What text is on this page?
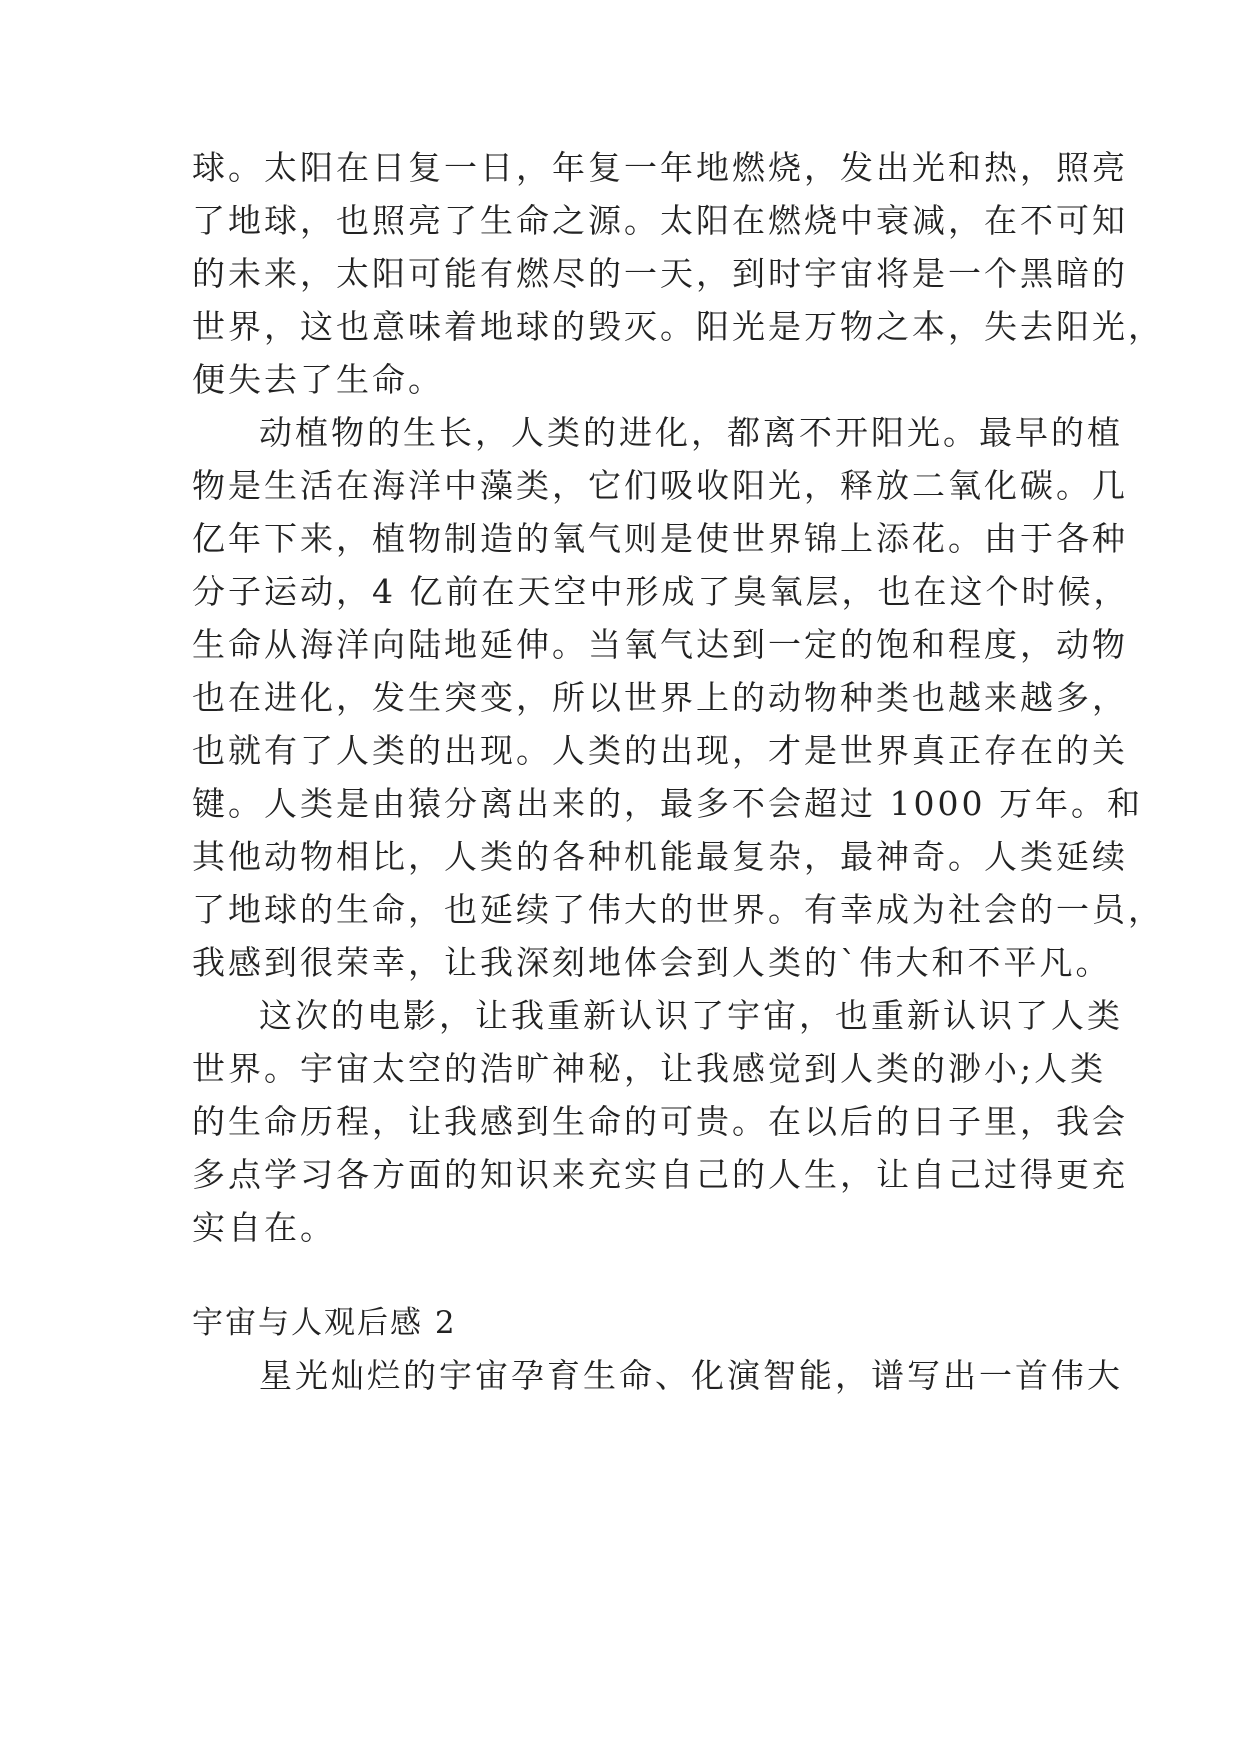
球。太阳在日复一日，年复一年地燃烧，发出光和热，照亮
了地球，也照亮了生命之源。太阳在燃烧中衰减，在不可知
的未来，太阳可能有燃尽的一天，到时宇宙将是一个黑暗的
世界，这也意味着地球的毁灭。阳光是万物之本，失去阳光，
便失去了生命。
动植物的生长，人类的进化，都离不开阳光。最早的植
物是生活在海洋中藻类，它们吸收阳光，释放二氧化碳。几
亿年下来，植物制造的氧气则是使世界锦上添花。由于各种
分子运动，4 亿前在天空中形成了臭氧层，也在这个时候，
生命从海洋向陆地延伸。当氧气达到一定的饱和程度，动物
也在进化，发生突变，所以世界上的动物种类也越来越多，
也就有了人类的出现。人类的出现，才是世界真正存在的关
键。人类是由猿分离出来的，最多不会超过 1000 万年。和
其他动物相比，人类的各种机能最复杂，最神奇。人类延续
了地球的生命，也延续了伟大的世界。有幸成为社会的一员，
我感到很荣幸，让我深刻地体会到人类的`伟大和不平凡。
这次的电影，让我重新认识了宇宙，也重新认识了人类
世界。宇宙太空的浩旷神秘，让我感觉到人类的渺小;人类
的生命历程，让我感到生命的可贵。在以后的日子里，我会
多点学习各方面的知识来充实自己的人生，让自己过得更充
实自在。
宇宙与人观后感 2
星光灿烂的宇宙孕育生命、化演智能，谱写出一首伟大
